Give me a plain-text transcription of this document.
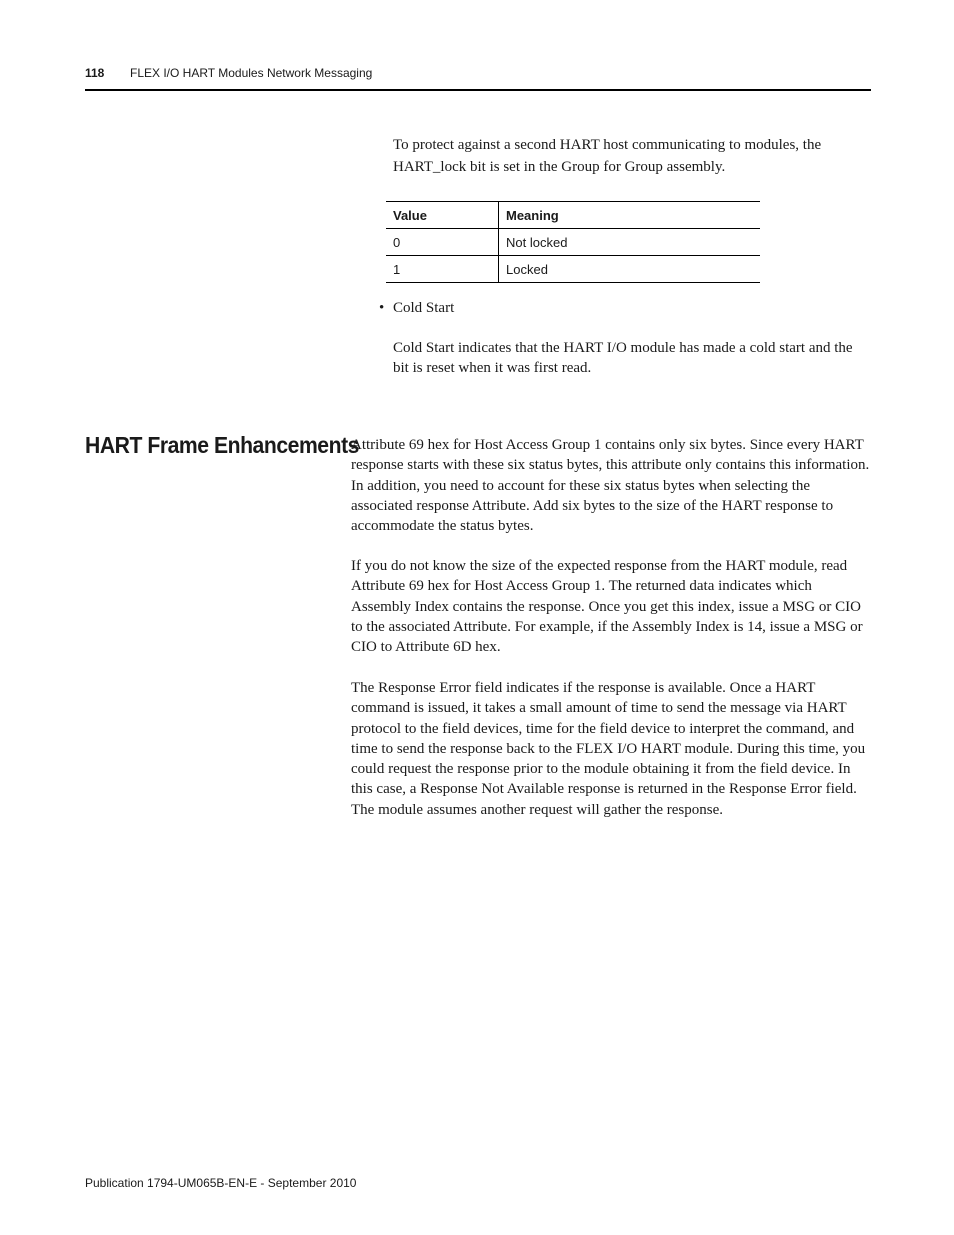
118 FLEX I/O HART Modules Network Messaging

To protect against a second HART host communicating to modules, the HART_lock bit is set in the Group for Group assembly.

Value	Meaning
0	Not locked
1	Locked
• Cold Start

Cold Start indicates that the HART I/O module has made a cold start and the bit is reset when it was first read.

HART Frame Enhancements

Attribute 69 hex for Host Access Group 1 contains only six bytes. Since every HART response starts with these six status bytes, this attribute only contains this information. In addition, you need to account for these six status bytes when selecting the associated response Attribute. Add six bytes to the size of the HART response to accommodate the status bytes.

If you do not know the size of the expected response from the HART module, read Attribute 69 hex for Host Access Group 1. The returned data indicates which Assembly Index contains the response. Once you get this index, issue a MSG or CIO to the associated Attribute. For example, if the Assembly Index is 14, issue a MSG or CIO to Attribute 6D hex.

The Response Error field indicates if the response is available. Once a HART command is issued, it takes a small amount of time to send the message via HART protocol to the field devices, time for the field device to interpret the command, and time to send the response back to the FLEX I/O HART module. During this time, you could request the response prior to the module obtaining it from the field device. In this case, a Response Not Available response is returned in the Response Error field. The module assumes another request will gather the response.

Publication 1794-UM065B-EN-E - September 2010
